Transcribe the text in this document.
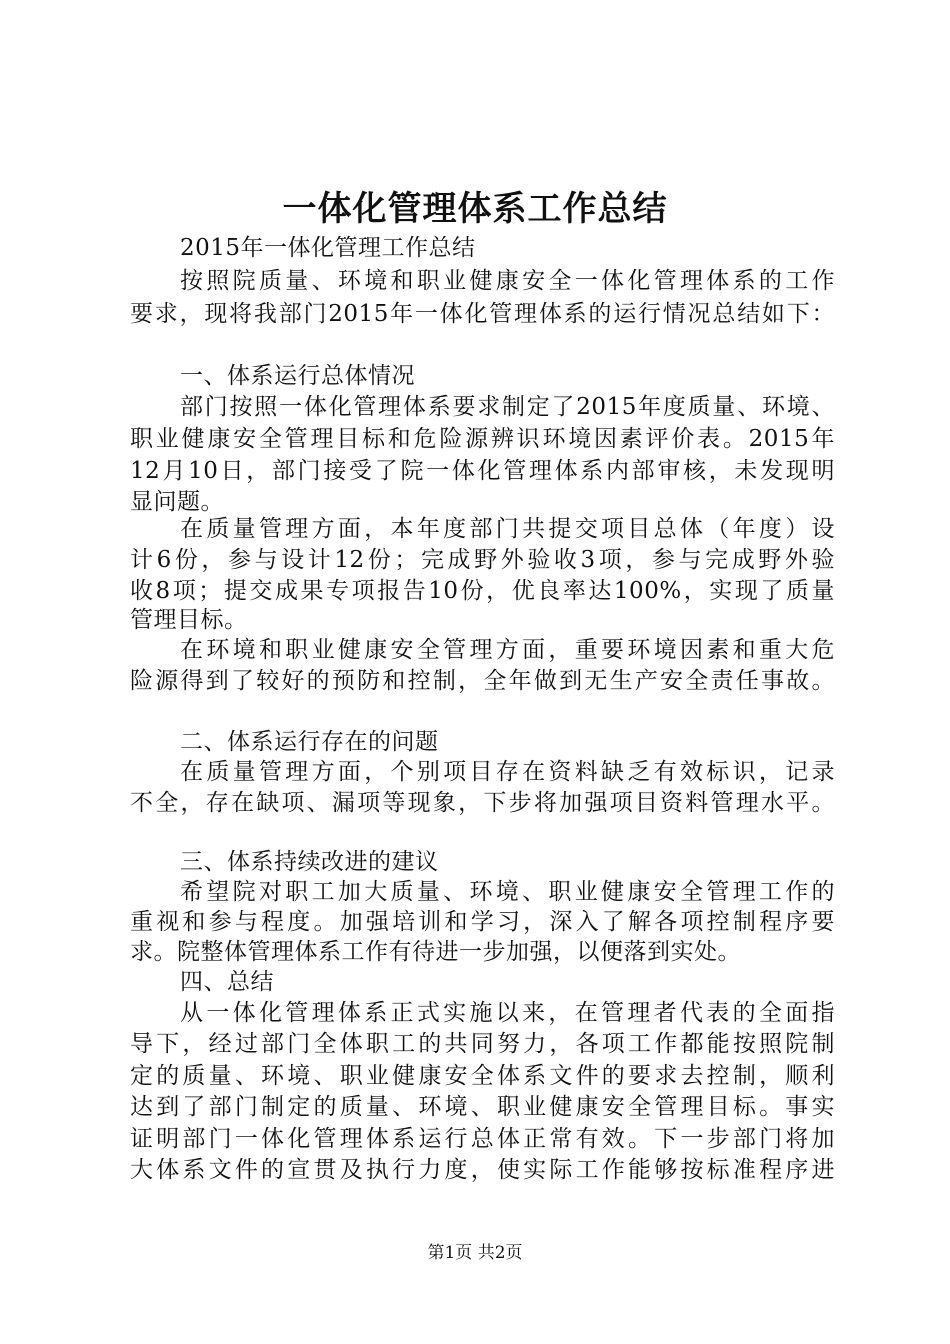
一体化管理体系工作总结
2015年一体化管理工作总结
按照院质量、环境和职业健康安全一体化管理体系的工作
要求，现将我部门2015年一体化管理体系的运行情况总结如下：
一、体系运行总体情况
部门按照一体化管理体系要求制定了2015年度质量、环境、
职业健康安全管理目标和危险源辨识环境因素评价表。2015年
12月10日，部门接受了院一体化管理体系内部审核，未发现明
显问题。
在质量管理方面，本年度部门共提交项目总体（年度）设
计6份，参与设计12份；完成野外验收3项，参与完成野外验
收8项；提交成果专项报告10份，优良率达100%，实现了质量
管理目标。
在环境和职业健康安全管理方面，重要环境因素和重大危
险源得到了较好的预防和控制，全年做到无生产安全责任事故。
二、体系运行存在的问题
在质量管理方面，个别项目存在资料缺乏有效标识，记录
不全，存在缺项、漏项等现象，下步将加强项目资料管理水平。
三、体系持续改进的建议
希望院对职工加大质量、环境、职业健康安全管理工作的
重视和参与程度。加强培训和学习，深入了解各项控制程序要
求。院整体管理体系工作有待进一步加强，以便落到实处。
四、总结
从一体化管理体系正式实施以来，在管理者代表的全面指
导下，经过部门全体职工的共同努力，各项工作都能按照院制
定的质量、环境、职业健康安全体系文件的要求去控制，顺利
达到了部门制定的质量、环境、职业健康安全管理目标。事实
证明部门一体化管理体系运行总体正常有效。下一步部门将加
大体系文件的宣贯及执行力度，使实际工作能够按标准程序进
第1页 共2页
